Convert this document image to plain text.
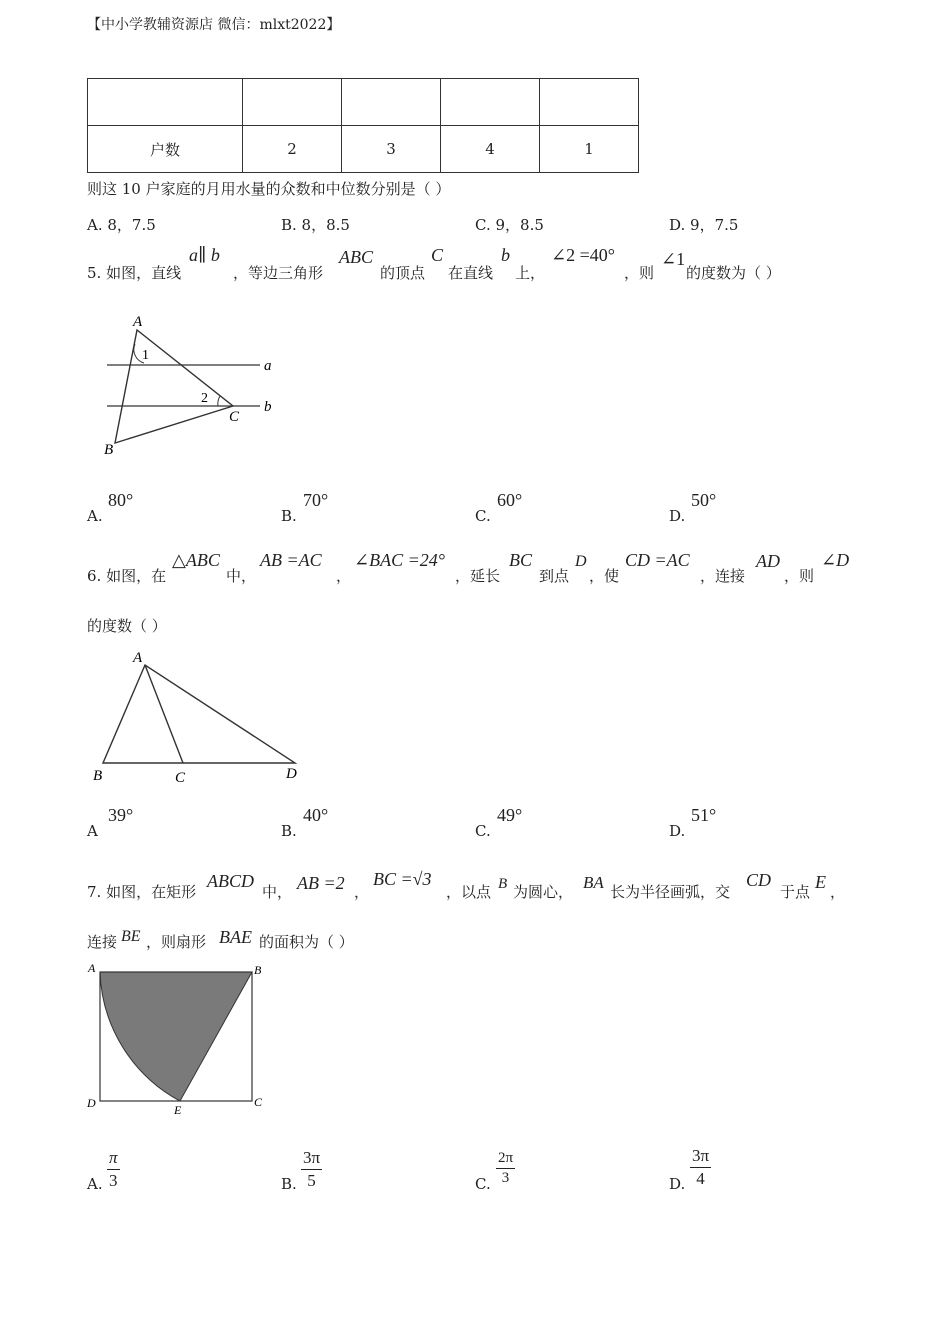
【中小学教辅资源店 微信：mlxt2022】

户数	2	3	4	1
则这 10 户家庭的月用水量的众数和中位数分别是（ ）
A. 8，7.5	B. 8，8.5	C. 9，8.5	D. 9，7.5
5. 如图，直线
a∥ b
，等边三角形
ABC
的顶点
C
在直线
b
上，
∠2 =40°
，则
∠1
的度数为（ ）
A
B
C
a
b
1
2
A.
80°
B.
70°
C.
60°
D.
50°
6. 如图，在
△ABC
中，
AB =AC
，
∠BAC =24°
，延长
BC
到点
D
，使
CD =AC
，连接
AD
，则
∠D
的度数（ ）
A
B	C	D
A
39°
B.
40°
C.
49°
D.
51°
7. 如图，在矩形
ABCD
中， AB =2 ，
BC =√3
，以点 B 为圆心， BA 长为半径画弧，交
CD
于点 E ，
连接 BE ，则扇形 BAE 的面积为（ ）
A	B
C
D	E
A. $\frac{\pi}{3}$	B. $\frac{3\pi}{5}$	C. $\frac{2\pi}{3}$	D. $\frac{3\pi}{4}$
